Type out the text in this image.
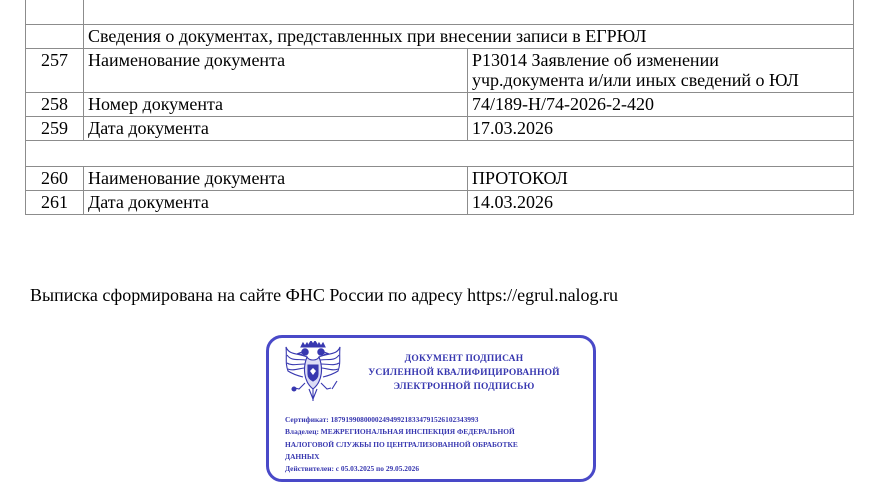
	Сведения о документах, представленных при внесении записи в ЕГРЮЛ	
257	Наименование документа	Р13014 Заявление об изменении
учр.документа и/или иных сведений о ЮЛ

258	Номер документа	74/189-Н/74-2026-2-420
259	Дата документа	17.03.2026

260	Наименование документа	ПРОТОКОЛ
261	Дата документа	14.03.2026
Выписка сформирована на сайте ФНС России по адресу https://egrul.nalog.ru
ДОКУМЕНТ ПОДПИСАН
УСИЛЕННОЙ КВАЛИФИЦИРОВАННОЙ
ЭЛЕКТРОННОЙ ПОДПИСЬЮ
Сертификат: 1879199080000249499218334791526102343993
Владелец: МЕЖРЕГИОНАЛЬНАЯ ИНСПЕКЦИЯ ФЕДЕРАЛЬНОЙ
НАЛОГОВОЙ СЛУЖБЫ ПО ЦЕНТРАЛИЗОВАННОЙ ОБРАБОТКЕ
ДАННЫХ
Действителен: с 05.03.2025 по 29.05.2026
